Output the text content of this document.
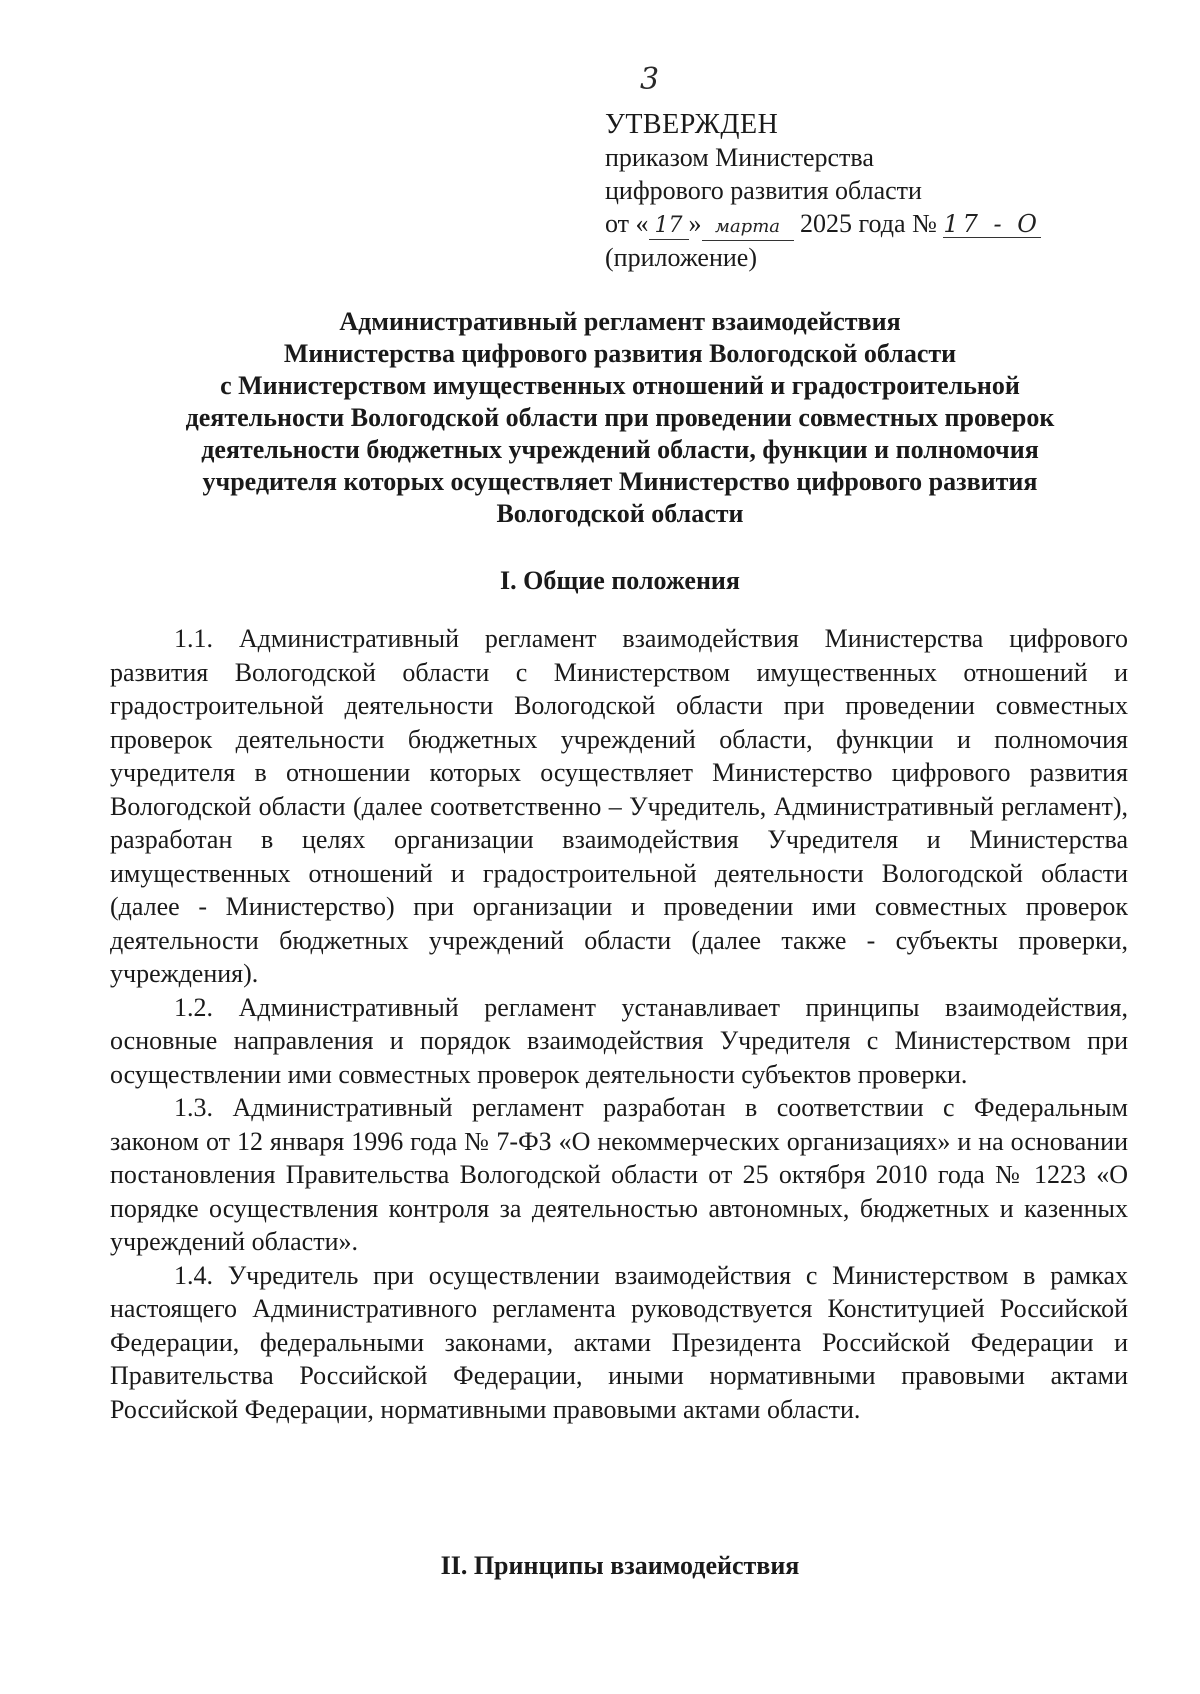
3
УТВЕРЖДЕН
приказом Министерства
цифрового развития области
от « 17 » марта 2025 года № 17 - О
(приложение)
Административный регламент взаимодействия
Министерства цифрового развития Вологодской области
с Министерством имущественных отношений и градостроительной
деятельности Вологодской области при проведении совместных проверок
деятельности бюджетных учреждений области, функции и полномочия
учредителя которых осуществляет Министерство цифрового развития
Вологодской области
I. Общие положения

1.1. Административный регламент взаимодействия Министерства цифрового развития Вологодской области с Министерством имущественных отношений и градостроительной деятельности Вологодской области при проведении совместных проверок деятельности бюджетных учреждений области, функции и полномочия учредителя в отношении которых осуществляет Министерство цифрового развития Вологодской области (далее соответственно – Учредитель, Административный регламент), разработан в целях организации взаимодействия Учредителя и Министерства имущественных отношений и градостроительной деятельности Вологодской области (далее - Министерство) при организации и проведении ими совместных проверок деятельности бюджетных учреждений области (далее также - субъекты проверки, учреждения).

1.2. Административный регламент устанавливает принципы взаимодействия, основные направления и порядок взаимодействия Учредителя с Министерством при осуществлении ими совместных проверок деятельности субъектов проверки.

1.3. Административный регламент разработан в соответствии с Федеральным законом от 12 января 1996 года № 7-ФЗ «О некоммерческих организациях» и на основании постановления Правительства Вологодской области от 25 октября 2010 года № 1223 «О порядке осуществления контроля за деятельностью автономных, бюджетных и казенных учреждений области».

1.4. Учредитель при осуществлении взаимодействия с Министерством в рамках настоящего Административного регламента руководствуется Конституцией Российской Федерации, федеральными законами, актами Президента Российской Федерации и Правительства Российской Федерации, иными нормативными правовыми актами Российской Федерации, нормативными правовыми актами области.

II. Принципы взаимодействия
